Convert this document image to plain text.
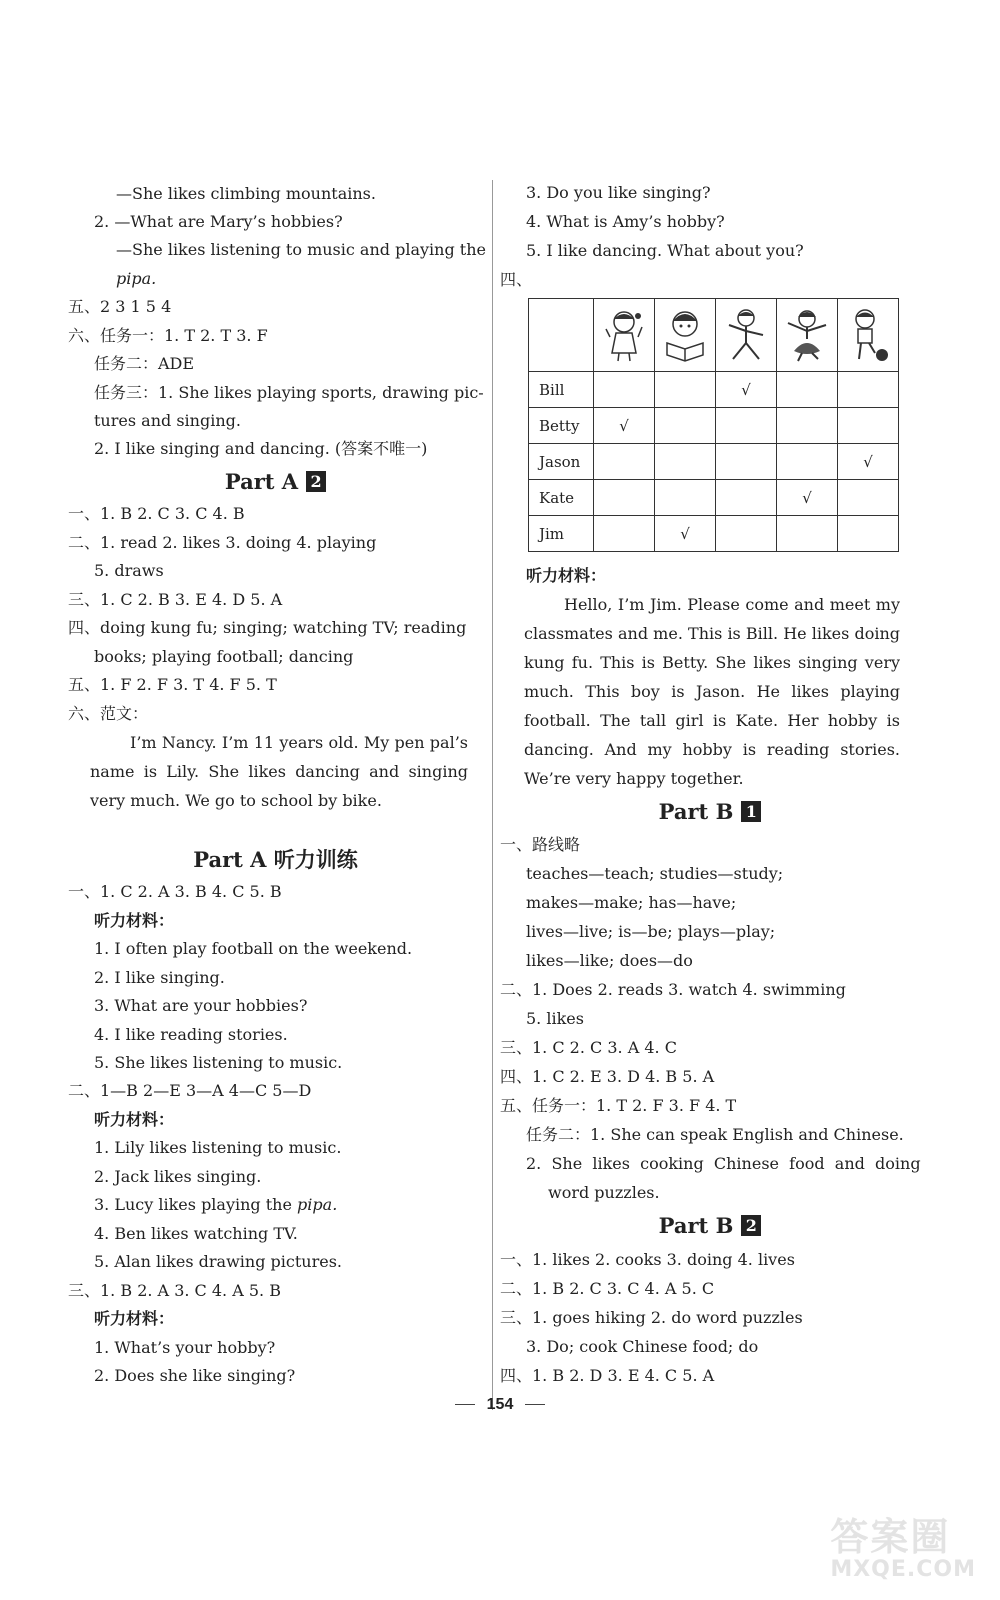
—She likes climbing mountains.
2. —What are Mary’s hobbies?
—She likes listening to music and playing the
pipa.
五、2 3 1 5 4
六、任务一：1. T 2. T 3. F
任务二：ADE
任务三：1. She likes playing sports, drawing pic-
tures and singing.
2. I like singing and dancing. (答案不唯一)
Part A 2
一、1. B 2. C 3. C 4. B
二、1. read 2. likes 3. doing 4. playing
5. draws
三、1. C 2. B 3. E 4. D 5. A
四、doing kung fu; singing; watching TV; reading
books; playing football; dancing
五、1. F 2. F 3. T 4. F 5. T
六、范文：
I’m Nancy. I’m 11 years old. My pen pal’s name is Lily. She likes dancing and singing very much. We go to school by bike.
Part A 听力训练
一、1. C 2. A 3. B 4. C 5. B
听力材料：
1. I often play football on the weekend.
2. I like singing.
3. What are your hobbies?
4. I like reading stories.
5. She likes listening to music.
二、1—B 2—E 3—A 4—C 5—D
听力材料：
1. Lily likes listening to music.
2. Jack likes singing.
3. Lucy likes playing the pipa.
4. Ben likes watching TV.
5. Alan likes drawing pictures.
三、1. B 2. A 3. C 4. A 5. B
听力材料：
1. What’s your hobby?
2. Does she like singing?
3. Do you like singing?
4. What is Amy’s hobby?
5. I like dancing. What about you?
四、

Bill			√		
Betty	√				
Jason					√
Kate				√	
Jim		√			
听力材料：
Hello, I’m Jim. Please come and meet my classmates and me. This is Bill. He likes doing kung fu. This is Betty. She likes singing very much. This boy is Jason. He likes playing football. The tall girl is Kate. Her hobby is dancing. And my hobby is reading stories. We’re very happy together.
Part B 1
一、路线略
teaches—teach; studies—study;
makes—make; has—have;
lives—live; is—be; plays—play;
likes—like; does—do
二、1. Does 2. reads 3. watch 4. swimming
5. likes
三、1. C 2. C 3. A 4. C
四、1. C 2. E 3. D 4. B 5. A
五、任务一：1. T 2. F 3. F 4. T
任务二：1. She can speak English and Chinese.
2.  She  likes  cooking  Chinese  food  and  doing
word puzzles.
Part B 2
一、1. likes 2. cooks 3. doing 4. lives
二、1. B 2. C 3. C 4. A 5. C
三、1. goes hiking 2. do word puzzles
3. Do; cook Chinese food; do
四、1. B 2. D 3. E 4. C 5. A
154
答案圈
MXQE.COM
